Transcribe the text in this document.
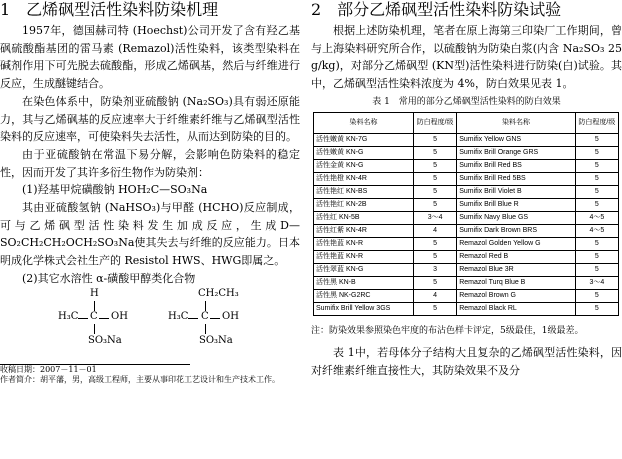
1　乙烯砜型活性染料防染机理

1957年，德国赫司特 (Hoechst)公司开发了含有羟乙基砜硫酸酯基团的雷马素 (Remazol)活性染料，该类型染料在碱剂作用下可先脱去硫酸酯，形成乙烯砜基，然后与纤维进行反应，生成醚键结合。

在染色体系中，防染剂亚硫酸钠 (Na₂SO₃)具有弱还原能力，其与乙烯砜基的反应速率大于纤维素纤维与乙烯砜型活性染料的反应速率，可使染料失去活性，从而达到防染的目的。

由于亚硫酸钠在常温下易分解，会影响色防染料的稳定性，因而开发了其许多衍生物作为防染剂：

(1)羟基甲烷磺酸钠 HOH₂C—SO₃Na

其由亚硫酸氢钠 (NaHSO₃)与甲醛 (HCHO)反应制成，可与乙烯砜型活性染料发生加成反应，生成D—SO₂CH₂CH₂OCH₂SO₃Na使其失去与纤维的反应能力。日本明成化学株式会社生产的 Resistol HWS、HWG即属之。

(2)其它水溶性 α-磺酸甲醇类化合物

H
H₃C C OH
SO₃Na
CH₂CH₃
H₃C C OH
SO₃Na
收稿日期：2007－11－01
作者简介：胡平藩，男，高级工程师，主要从事印花工艺设计和生产技术工作。
2　部分乙烯砜型活性染料防染试验

根据上述防染机理，笔者在原上海第三印染厂工作期间，曾与上海染料研究所合作，以硫酸钠为防染白浆(内含 Na₂SO₃ 25 g/kg)，对部分乙烯砜型 (KN型)活性染料进行防染(白)试验。其中，乙烯砜型活性染料浓度为 4%，防白效果见表 1。

表 1　常用的部分乙烯砜型活性染料的防白效果
染料名称	防白程度/级	染料名称	防白程度/级
活性嫩黄 KN-7G	5	Sumifix Yellow GNS	5
活性嫩黄 KN-G	5	Sumifix Brill Orange GRS	5
活性金黄 KN-G	5	Sumifix Brill Red BS	5
活性艳橙 KN-4R	5	Sumifix Brill Red 5BS	5
活性艳红 KN-BS	5	Sumifix Brill Violet B	5
活性艳红 KN-2B	5	Sumifix Brill Blue R	5
活性红 KN-5B	3～4	Sumifix Navy Blue GS	4～5
活性红紫 KN-4R	4	Sumifix Dark Brown BRS	4～5
活性艳蓝 KN-R	5	Remazol Golden Yellow G	5
活性艳蓝 KN-R	5	Remazol Red B	5
活性翠蓝 KN-G	3	Remazol Blue 3R	5
活性黑 KN-B	5	Remazol Turq Blue B	3～4
活性黑 NK-G2RC	4	Remazol Brown G	5
Sumifix Brill Yellow 3GS	5	Remazol Black RL	5
注：防染效果参照染色牢度的布沾色样卡评定，5级最佳，1级最差。

表 1中，若母体分子结构大且复杂的乙烯砜型活性染料，因对纤维素纤维直接性大，其防染效果不及分
